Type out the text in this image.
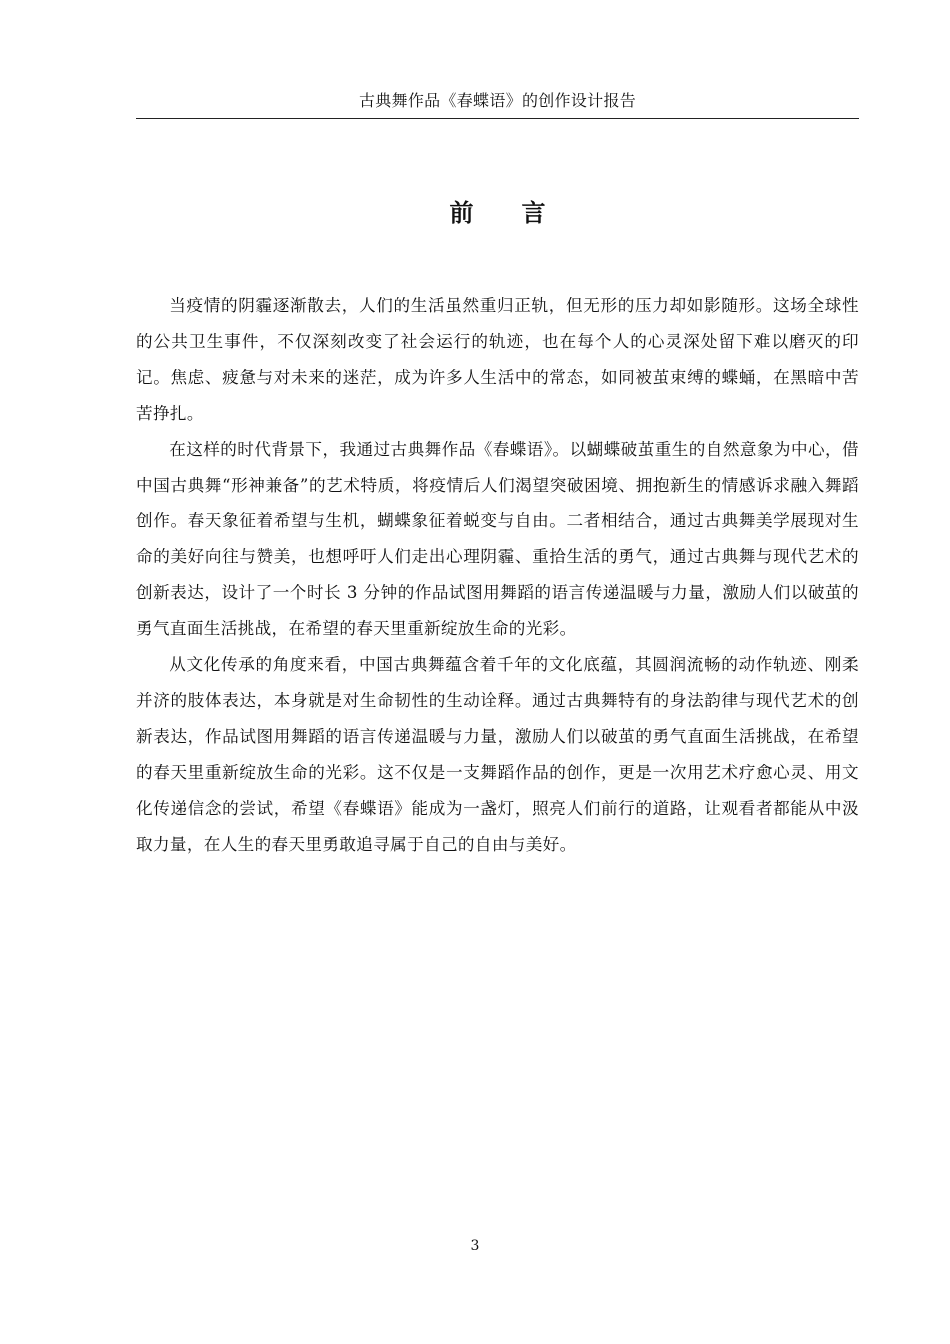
古典舞作品《春蝶语》的创作设计报告
前 言

当疫情的阴霾逐渐散去，人们的生活虽然重归正轨，但无形的压力却如影随形。这场全球性的公共卫生事件，不仅深刻改变了社会运行的轨迹，也在每个人的心灵深处留下难以磨灭的印记。焦虑、疲惫与对未来的迷茫，成为许多人生活中的常态，如同被茧束缚的蝶蛹，在黑暗中苦苦挣扎。

在这样的时代背景下，我通过古典舞作品《春蝶语》。以蝴蝶破茧重生的自然意象为中心，借中国古典舞“形神兼备”的艺术特质，将疫情后人们渴望突破困境、拥抱新生的情感诉求融入舞蹈创作。春天象征着希望与生机，蝴蝶象征着蜕变与自由。二者相结合，通过古典舞美学展现对生命的美好向往与赞美，也想呼吁人们走出心理阴霾、重拾生活的勇气，通过古典舞与现代艺术的创新表达，设计了一个时长 3 分钟的作品试图用舞蹈的语言传递温暖与力量，激励人们以破茧的勇气直面生活挑战，在希望的春天里重新绽放生命的光彩。

从文化传承的角度来看，中国古典舞蕴含着千年的文化底蕴，其圆润流畅的动作轨迹、刚柔并济的肢体表达，本身就是对生命韧性的生动诠释。通过古典舞特有的身法韵律与现代艺术的创新表达，作品试图用舞蹈的语言传递温暖与力量，激励人们以破茧的勇气直面生活挑战，在希望的春天里重新绽放生命的光彩。这不仅是一支舞蹈作品的创作，更是一次用艺术疗愈心灵、用文化传递信念的尝试，希望《春蝶语》能成为一盏灯，照亮人们前行的道路，让观看者都能从中汲取力量，在人生的春天里勇敢追寻属于自己的自由与美好。

3
